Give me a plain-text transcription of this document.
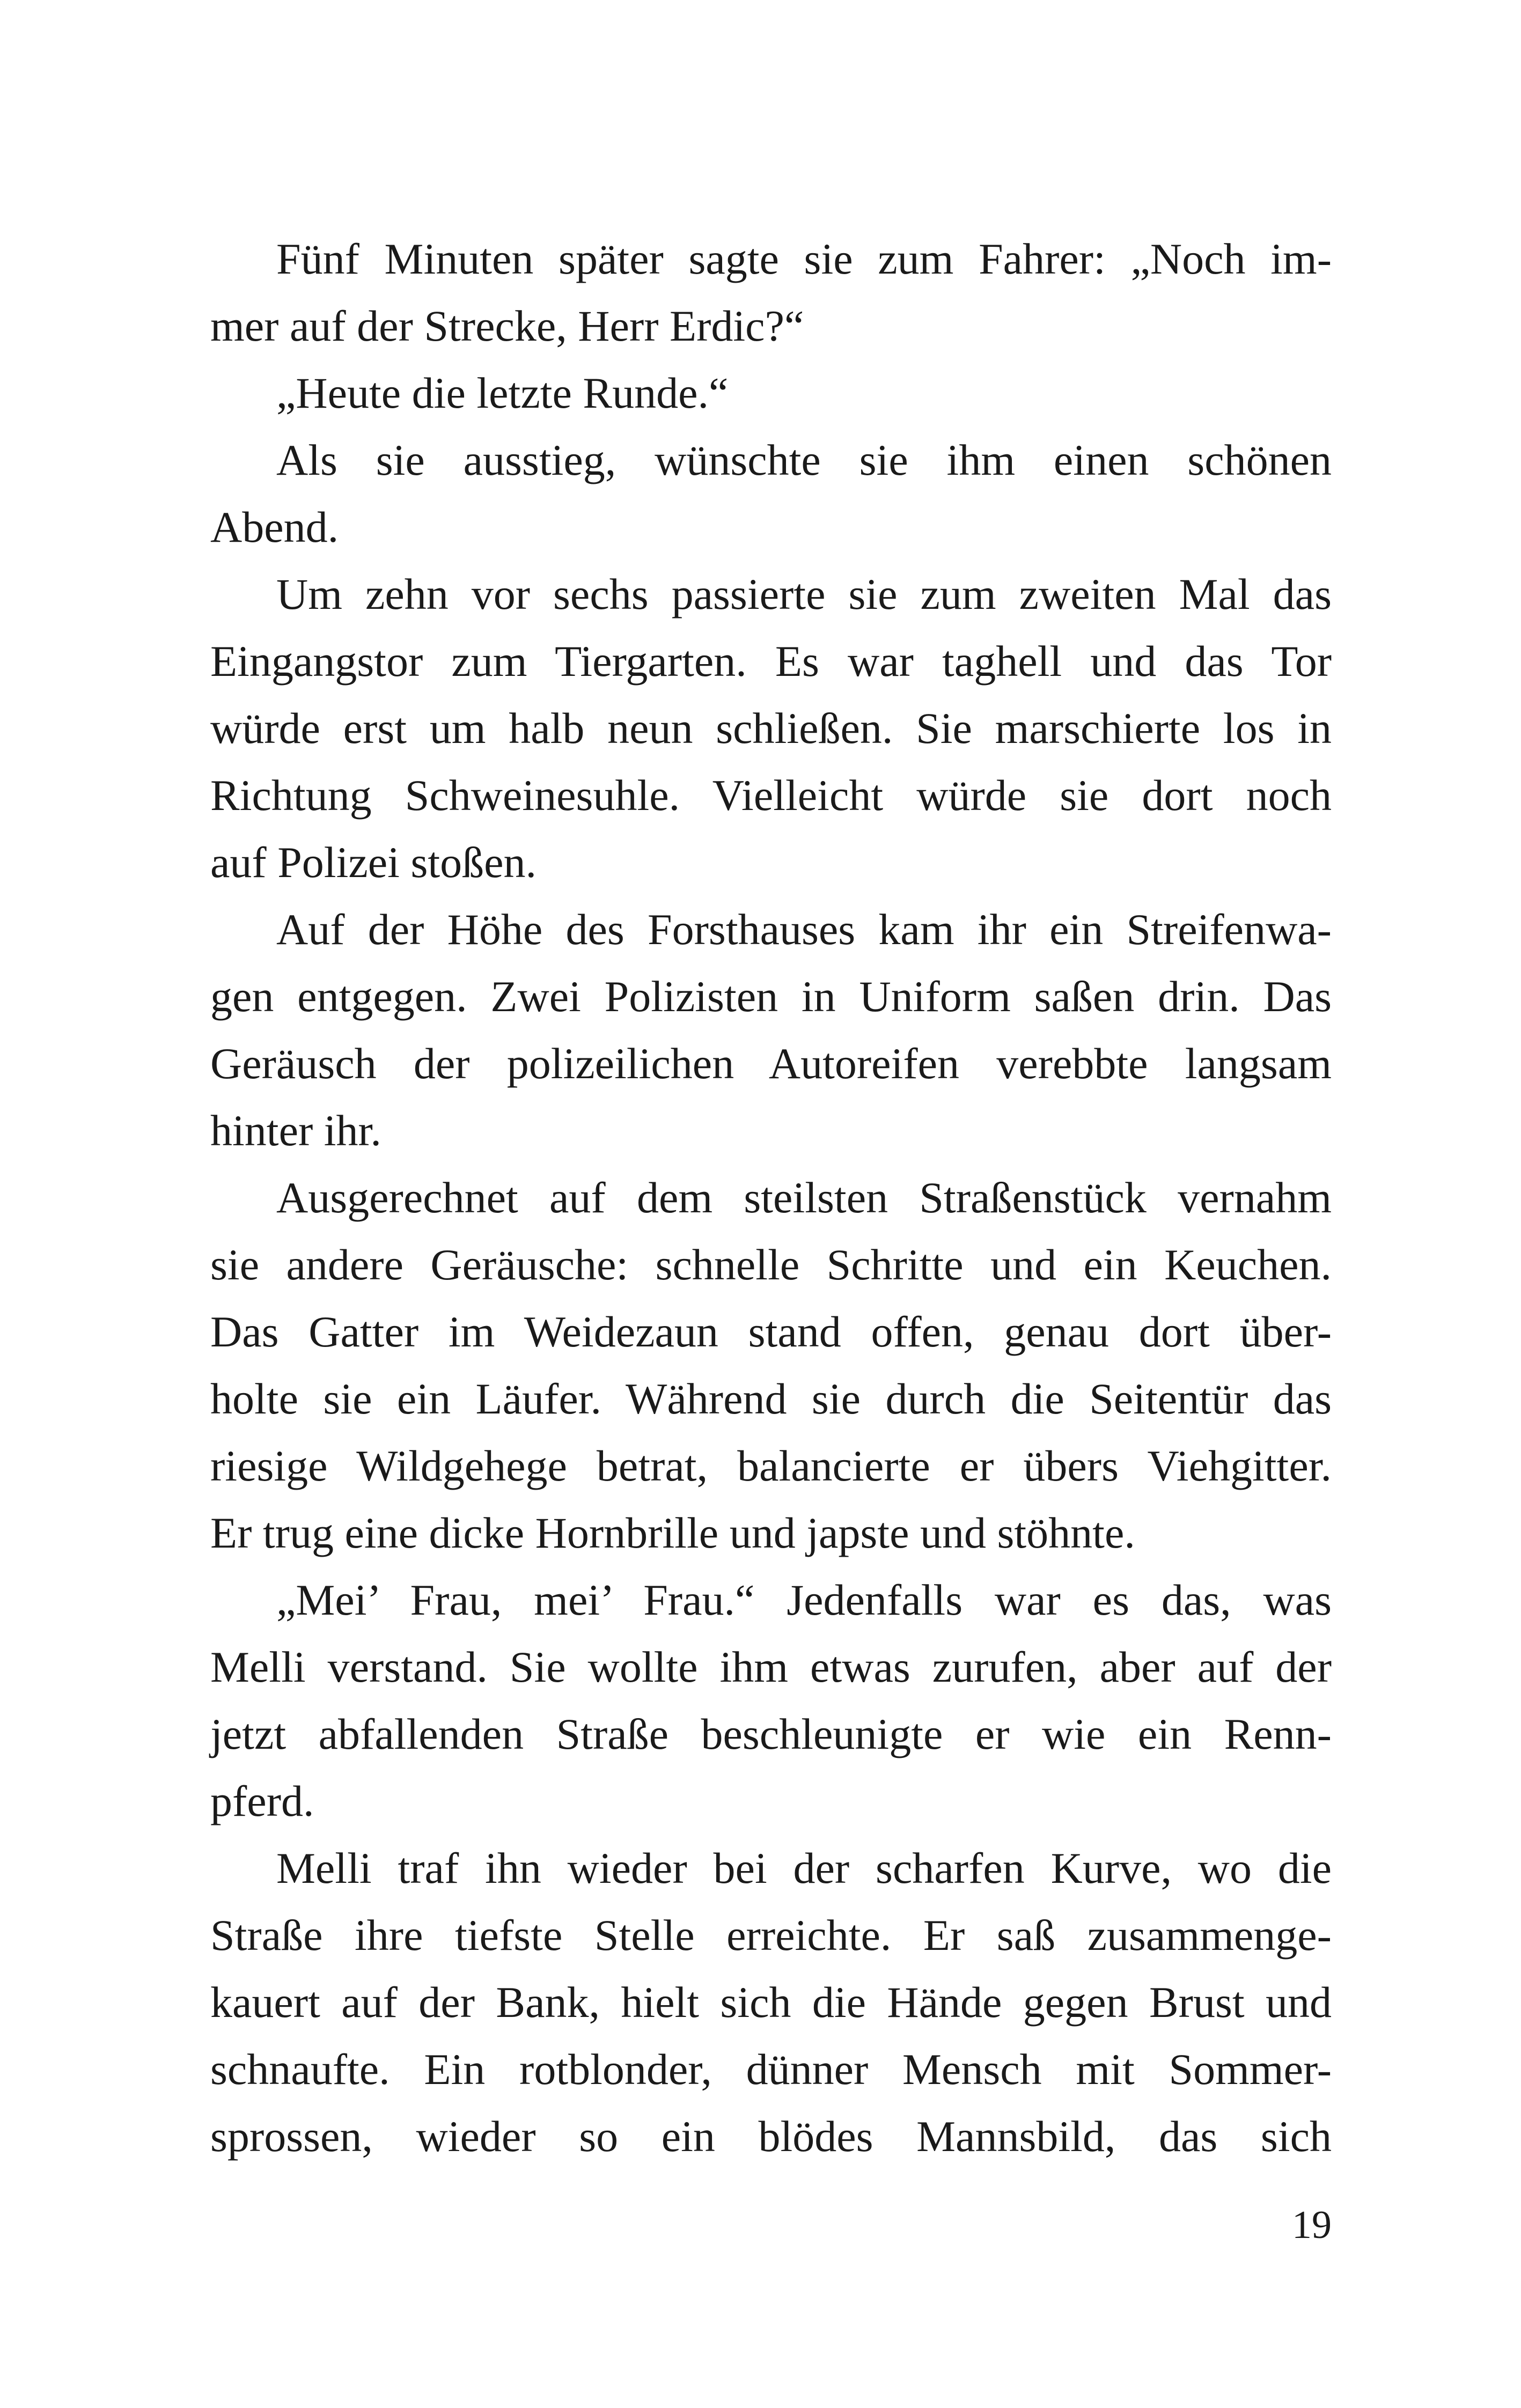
Fünf Minuten später sagte sie zum Fahrer: „Noch im-
mer auf der Strecke, Herr Erdic?“
„Heute die letzte Runde.“
Als sie ausstieg, wünschte sie ihm einen schönen
Abend.
Um zehn vor sechs passierte sie zum zweiten Mal das
Eingangstor zum Tiergarten. Es war taghell und das Tor
würde erst um halb neun schließen. Sie marschierte los in
Richtung Schweinesuhle. Vielleicht würde sie dort noch
auf Polizei stoßen.
Auf der Höhe des Forsthauses kam ihr ein Streifenwa-
gen entgegen. Zwei Polizisten in Uniform saßen drin. Das
Geräusch der polizeilichen Autoreifen verebbte langsam
hinter ihr.
Ausgerechnet auf dem steilsten Straßenstück vernahm
sie andere Geräusche: schnelle Schritte und ein Keuchen.
Das Gatter im Weidezaun stand offen, genau dort über-
holte sie ein Läufer. Während sie durch die Seitentür das
riesige Wildgehege betrat, balancierte er übers Viehgitter.
Er trug eine dicke Hornbrille und japste und stöhnte.
„Mei’ Frau, mei’ Frau.“ Jedenfalls war es das, was
Melli verstand. Sie wollte ihm etwas zurufen, aber auf der
jetzt abfallenden Straße beschleunigte er wie ein Renn-
pferd.
Melli traf ihn wieder bei der scharfen Kurve, wo die
Straße ihre tiefste Stelle erreichte. Er saß zusammenge-
kauert auf der Bank, hielt sich die Hände gegen Brust und
schnaufte. Ein rotblonder, dünner Mensch mit Sommer-
sprossen, wieder so ein blödes Mannsbild, das sich
19
